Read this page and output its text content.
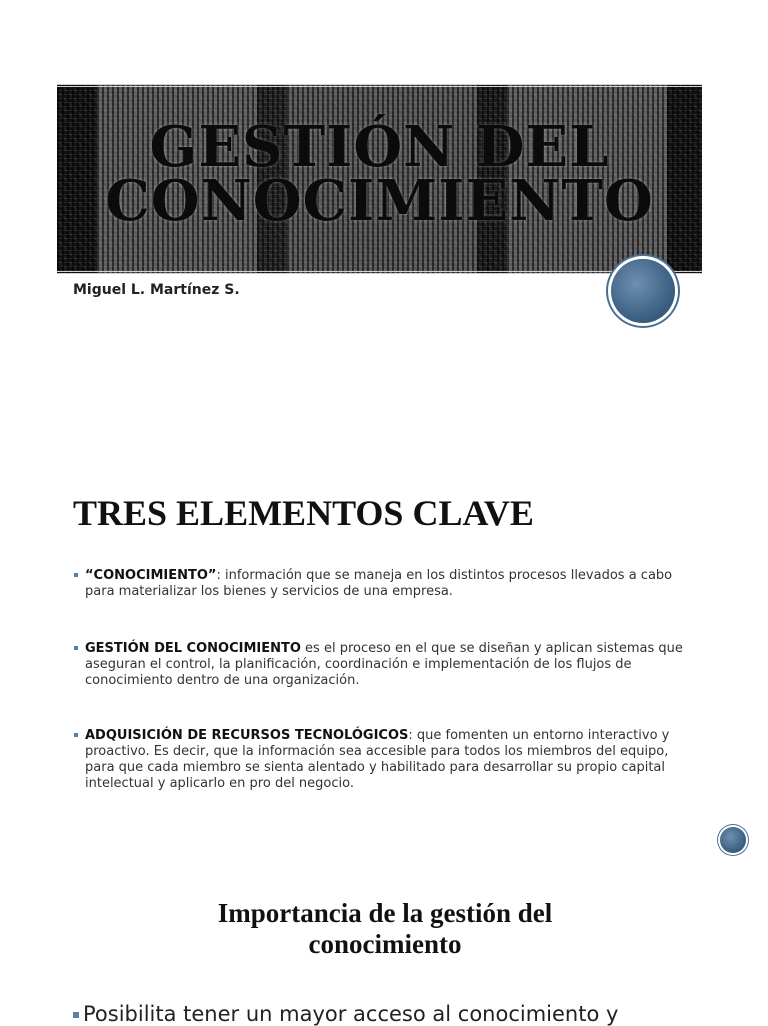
GESTIÓN DEL
CONOCIMIENTO

Miguel L. Martínez S.

TRES ELEMENTOS CLAVE
“CONOCIMIENTO”: información que se maneja en los distintos procesos llevados a cabo para materializar los bienes y servicios de una empresa.
GESTIÓN DEL CONOCIMIENTO es el proceso en el que se diseñan y aplican sistemas que aseguran el control, la planificación, coordinación e implementación de los flujos de conocimiento dentro de una organización.
ADQUISICIÓN DE RECURSOS TECNOLÓGICOS: que fomenten un entorno interactivo y proactivo. Es decir, que la información sea accesible para todos los miembros del equipo, para que cada miembro se sienta alentado y habilitado para desarrollar su propio capital intelectual y aplicarlo en pro del negocio.
Importancia de la gestión del conocimiento

Posibilita tener un mayor acceso al conocimiento y
